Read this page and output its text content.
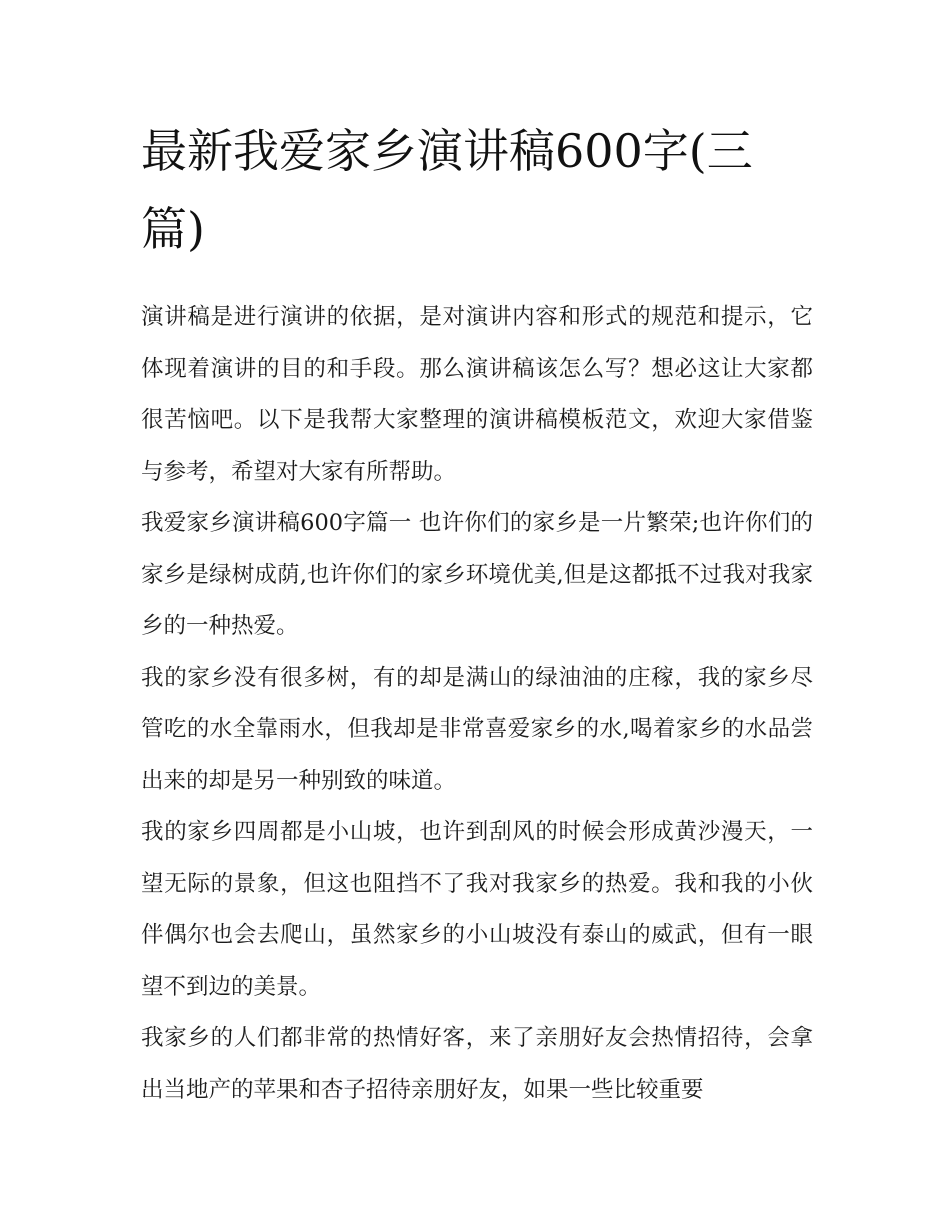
最新我爱家乡演讲稿600字(三篇)

演讲稿是进行演讲的依据，是对演讲内容和形式的规范和提示，它体现着演讲的目的和手段。那么演讲稿该怎么写？想必这让大家都很苦恼吧。以下是我帮大家整理的演讲稿模板范文，欢迎大家借鉴与参考，希望对大家有所帮助。

我爱家乡演讲稿600字篇一 也许你们的家乡是一片繁荣;也许你们的家乡是绿树成荫,也许你们的家乡环境优美,但是这都抵不过我对我家乡的一种热爱。

我的家乡没有很多树，有的却是满山的绿油油的庄稼，我的家乡尽管吃的水全靠雨水，但我却是非常喜爱家乡的水,喝着家乡的水品尝出来的却是另一种别致的味道。

我的家乡四周都是小山坡，也许到刮风的时候会形成黄沙漫天，一望无际的景象，但这也阻挡不了我对我家乡的热爱。我和我的小伙伴偶尔也会去爬山，虽然家乡的小山坡没有泰山的威武，但有一眼望不到边的美景。

我家乡的人们都非常的热情好客，来了亲朋好友会热情招待，会拿出当地产的苹果和杏子招待亲朋好友，如果一些比较重要
